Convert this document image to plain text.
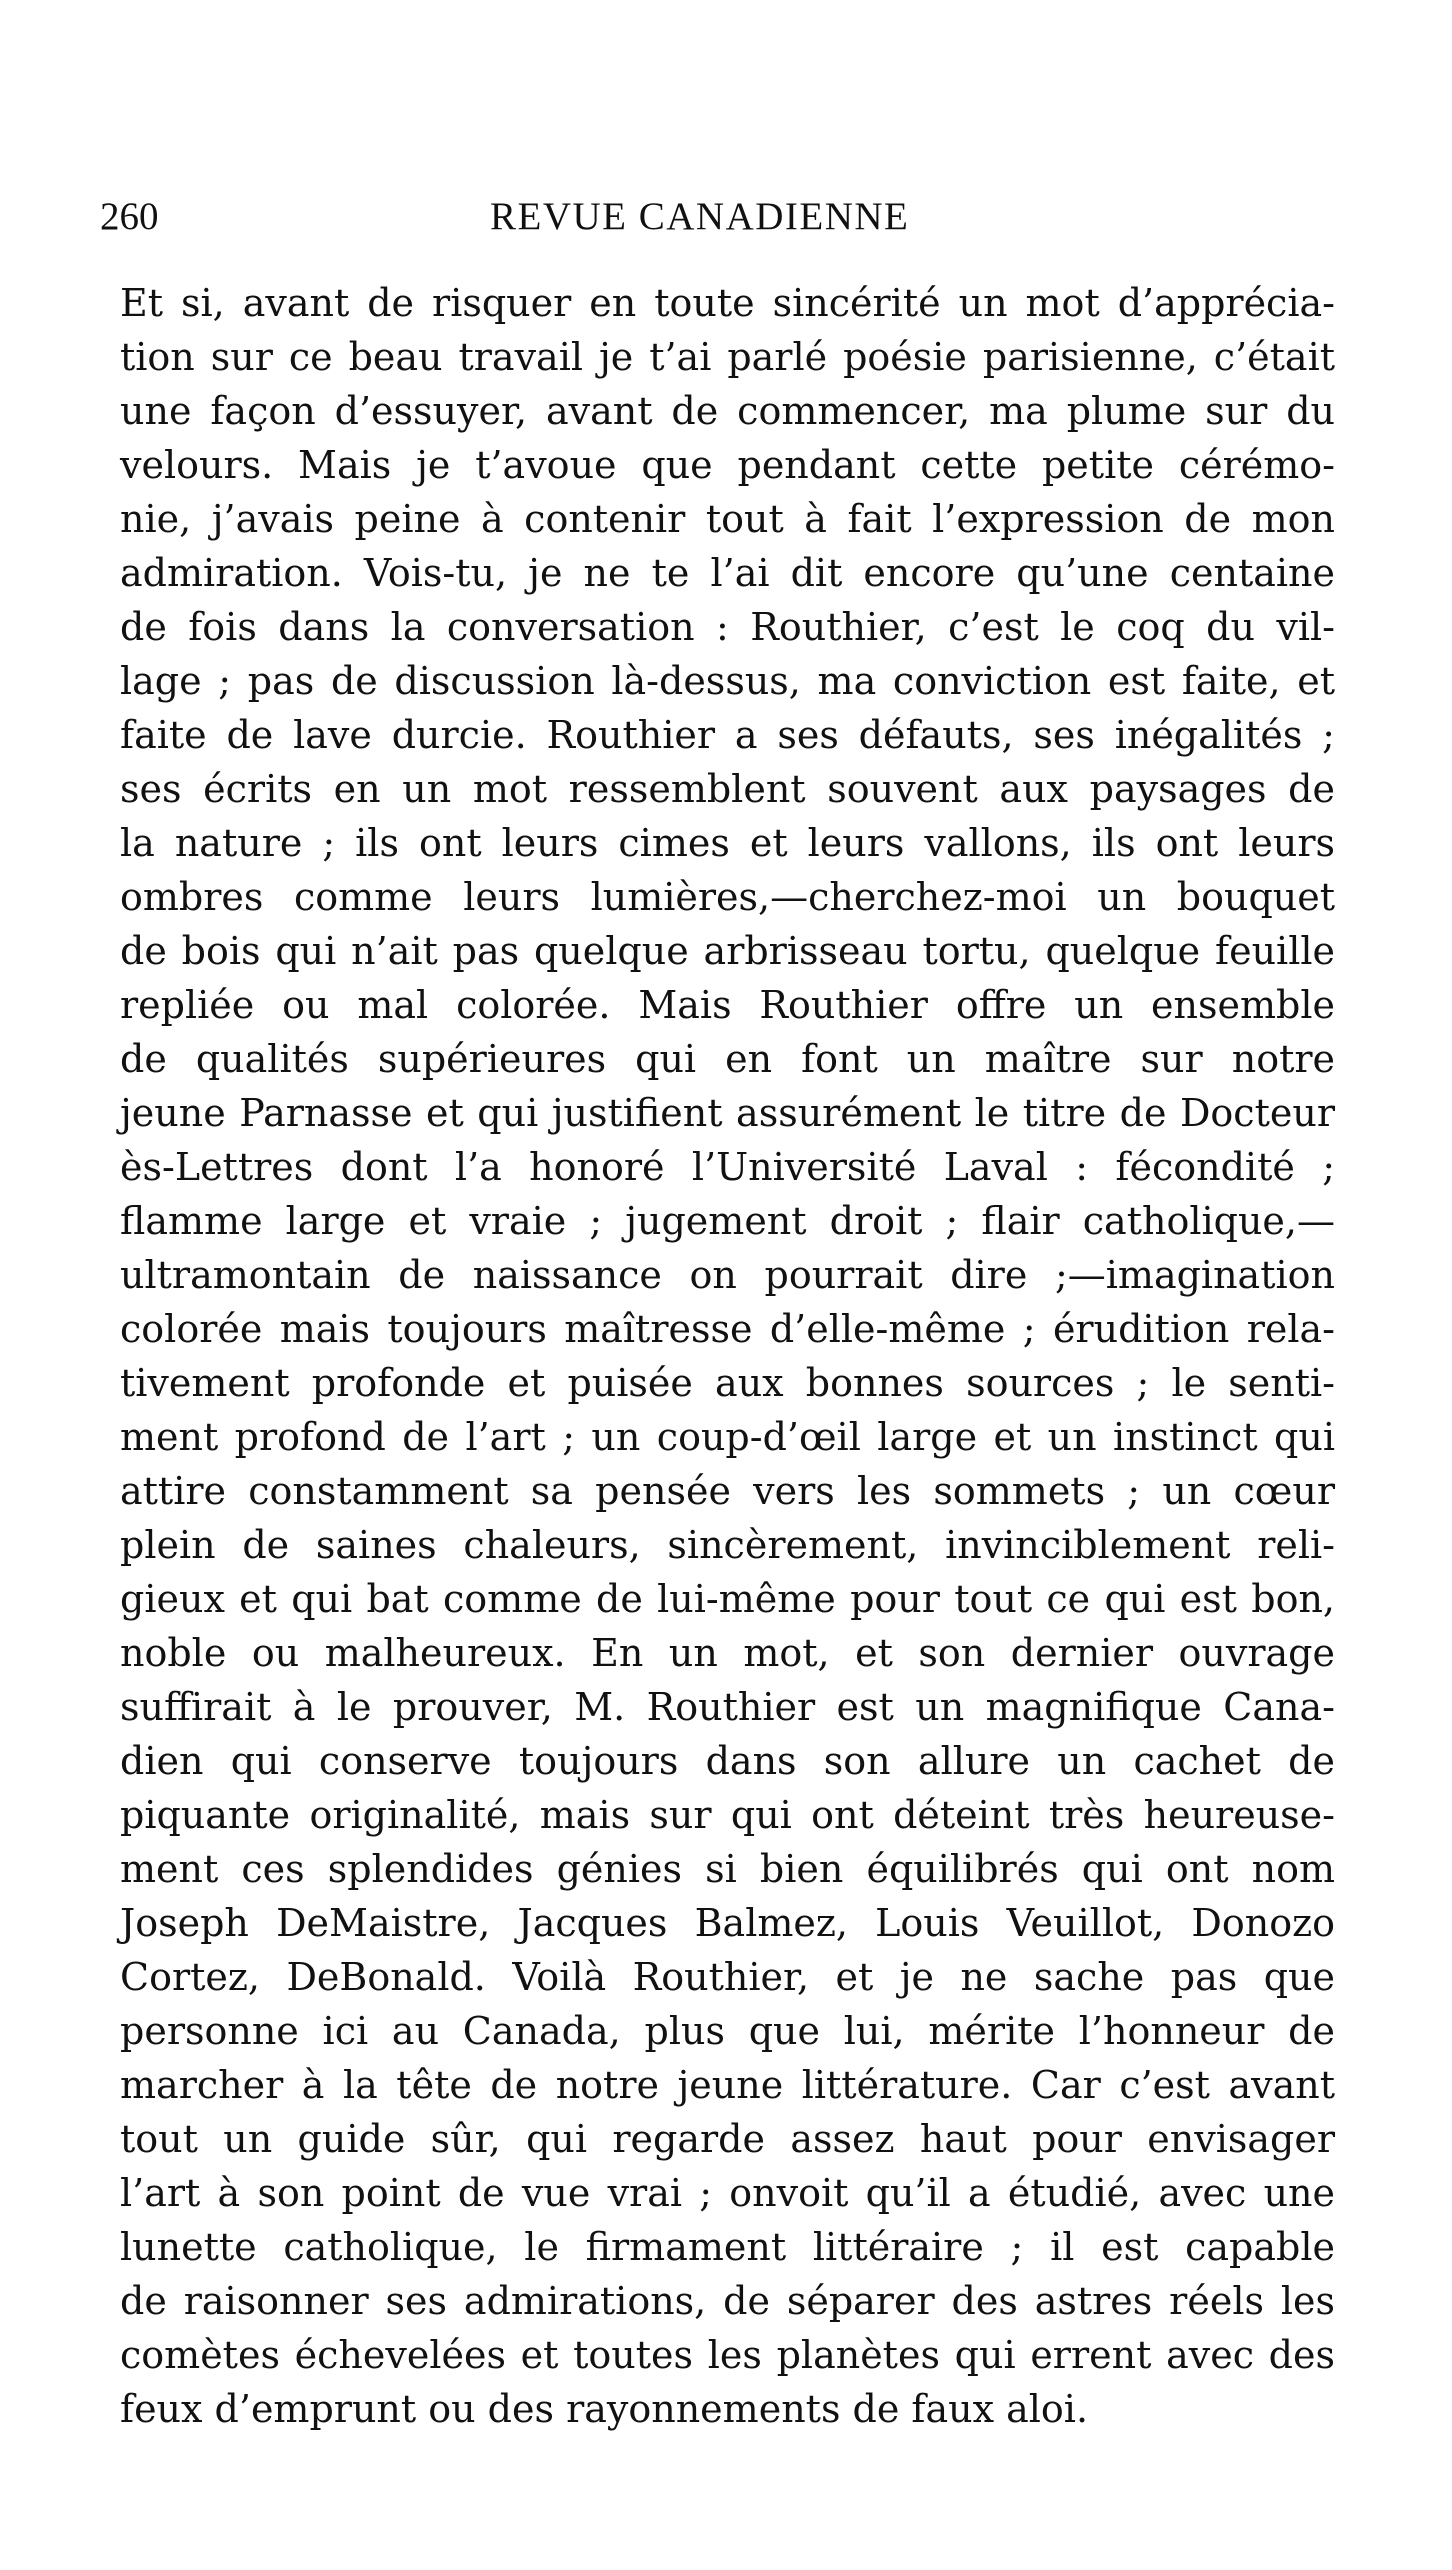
260	REVUE CANADIENNE
Et si, avant de risquer en toute sincérité un mot d’apprécia-
tion sur ce beau travail je t’ai parlé poésie parisienne, c’était
une façon d’essuyer, avant de commencer, ma plume sur du
velours. Mais je t’avoue que pendant cette petite cérémo-
nie, j’avais peine à contenir tout à fait l’expression de mon
admiration. Vois-tu, je ne te l’ai dit encore qu’une centaine
de fois dans la conversation : Routhier, c’est le coq du vil-
lage ; pas de discussion là-dessus, ma conviction est faite, et
faite de lave durcie. Routhier a ses défauts, ses inégalités ;
ses écrits en un mot ressemblent souvent aux paysages de
la nature ; ils ont leurs cimes et leurs vallons, ils ont leurs
ombres comme leurs lumières,—cherchez-moi un bouquet
de bois qui n’ait pas quelque arbrisseau tortu, quelque feuille
repliée ou mal colorée. Mais Routhier offre un ensemble
de qualités supérieures qui en font un maître sur notre
jeune Parnasse et qui justifient assurément le titre de Docteur
ès-Lettres dont l’a honoré l’Université Laval : fécondité ;
flamme large et vraie ; jugement droit ; flair catholique,—
ultramontain de naissance on pourrait dire ;—imagination
colorée mais toujours maîtresse d’elle-même ; érudition rela-
tivement profonde et puisée aux bonnes sources ; le senti-
ment profond de l’art ; un coup-d’œil large et un instinct qui
attire constamment sa pensée vers les sommets ; un cœur
plein de saines chaleurs, sincèrement, invinciblement reli-
gieux et qui bat comme de lui-même pour tout ce qui est bon,
noble ou malheureux. En un mot, et son dernier ouvrage
suffirait à le prouver, M. Routhier est un magnifique Cana-
dien qui conserve toujours dans son allure un cachet de
piquante originalité, mais sur qui ont déteint très heureuse-
ment ces splendides génies si bien équilibrés qui ont nom
Joseph DeMaistre, Jacques Balmez, Louis Veuillot, Donozo
Cortez, DeBonald. Voilà Routhier, et je ne sache pas que
personne ici au Canada, plus que lui, mérite l’honneur de
marcher à la tête de notre jeune littérature. Car c’est avant
tout un guide sûr, qui regarde assez haut pour envisager
l’art à son point de vue vrai ; onvoit qu’il a étudié, avec une
lunette catholique, le firmament littéraire ; il est capable
de raisonner ses admirations, de séparer des astres réels les
comètes échevelées et toutes les planètes qui errent avec des
feux d’emprunt ou des rayonnements de faux aloi.
